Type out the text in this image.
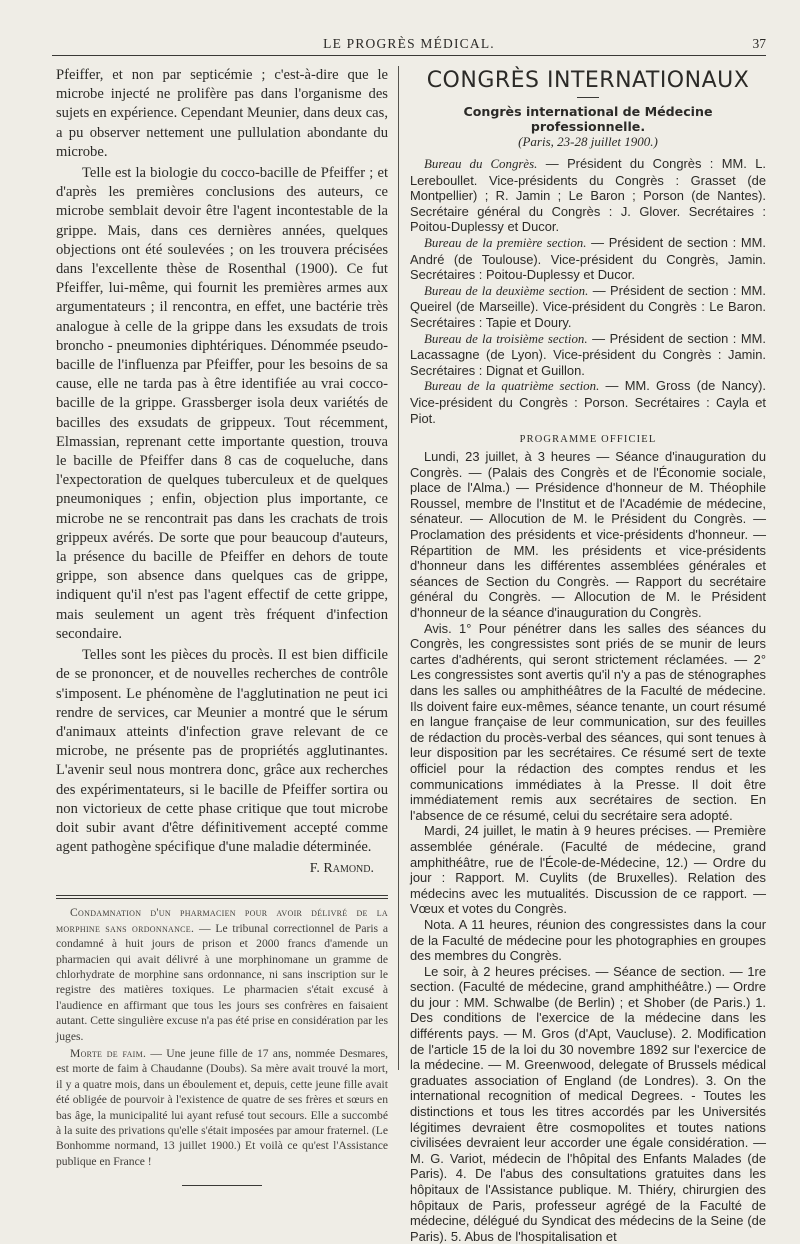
LE PROGRÈS MÉDICAL.	37

Pfeiffer, et non par septicémie ; c'est-à-dire que le microbe injecté ne prolifère pas dans l'organisme des sujets en expérience. Cependant Meunier, dans deux cas, a pu observer nettement une pullulation abondante du microbe.

Telle est la biologie du cocco-bacille de Pfeiffer ; et d'après les premières conclusions des auteurs, ce microbe semblait devoir être l'agent incontestable de la grippe. Mais, dans ces dernières années, quelques objections ont été soulevées ; on les trouvera précisées dans l'excellente thèse de Rosenthal (1900). Ce fut Pfeiffer, lui-même, qui fournit les premières armes aux argumentateurs ; il rencontra, en effet, une bactérie très analogue à celle de la grippe dans les exsudats de trois broncho - pneumonies diphtériques. Dénommée pseudo-bacille de l'influenza par Pfeiffer, pour les besoins de sa cause, elle ne tarda pas à être identifiée au vrai cocco-bacille de la grippe. Grassberger isola deux variétés de bacilles des exsudats de grippeux. Tout récemment, Elmassian, reprenant cette importante question, trouva le bacille de Pfeiffer dans 8 cas de coqueluche, dans l'expectoration de quelques tuberculeux et de quelques pneumoniques ; enfin, objection plus importante, ce microbe ne se rencontrait pas dans les crachats de trois grippeux avérés. De sorte que pour beaucoup d'auteurs, la présence du bacille de Pfeiffer en dehors de toute grippe, son absence dans quelques cas de grippe, indiquent qu'il n'est pas l'agent effectif de cette grippe, mais seulement un agent très fréquent d'infection secondaire.

Telles sont les pièces du procès. Il est bien difficile de se prononcer, et de nouvelles recherches de contrôle s'imposent. Le phénomène de l'agglutination ne peut ici rendre de services, car Meunier a montré que le sérum d'animaux atteints d'infection grave relevant de ce microbe, ne présente pas de propriétés agglutinantes. L'avenir seul nous montrera donc, grâce aux recherches des expérimentateurs, si le bacille de Pfeiffer sortira ou non victorieux de cette phase critique que tout microbe doit subir avant d'être définitivement accepté comme agent pathogène spécifique d'une maladie déterminée.

F. Ramond.

Condamnation d'un pharmacien pour avoir délivré de la morphine sans ordonnance. — Le tribunal correctionnel de Paris a condamné à huit jours de prison et 2000 francs d'amende un pharmacien qui avait délivré à une morphinomane un gramme de chlorhydrate de morphine sans ordonnance, ni sans inscription sur le registre des matières toxiques. Le pharmacien s'était excusé à l'audience en affirmant que tous les jours ses confrères en faisaient autant. Cette singulière excuse n'a pas été prise en considération par les juges.

Morte de faim. — Une jeune fille de 17 ans, nommée Desmares, est morte de faim à Chaudanne (Doubs). Sa mère avait trouvé la mort, il y a quatre mois, dans un éboulement et, depuis, cette jeune fille avait été obligée de pourvoir à l'existence de quatre de ses frères et sœurs en bas âge, la municipalité lui ayant refusé tout secours. Elle a succombé à la suite des privations qu'elle s'était imposées par amour fraternel. (Le Bonhomme normand, 13 juillet 1900.) Et voilà ce qu'est l'Assistance publique en France !

CONGRÈS INTERNATIONAUX
Congrès international de Médecine professionnelle.
(Paris, 23-28 juillet 1900.)

Bureau du Congrès. — Président du Congrès : MM. L. Lereboullet. Vice-présidents du Congrès : Grasset (de Montpellier) ; R. Jamin ; Le Baron ; Porson (de Nantes). Secrétaire général du Congrès : J. Glover. Secrétaires : Poitou-Duplessy et Ducor.

Bureau de la première section. — Président de section : MM. André (de Toulouse). Vice-président du Congrès, Jamin. Secrétaires : Poitou-Duplessy et Ducor.

Bureau de la deuxième section. — Président de section : MM. Queirel (de Marseille). Vice-président du Congrès : Le Baron. Secrétaires : Tapie et Doury.

Bureau de la troisième section. — Président de section : MM. Lacassagne (de Lyon). Vice-président du Congrès : Jamin. Secrétaires : Dignat et Guillon.

Bureau de la quatrième section. — MM. Gross (de Nancy). Vice-président du Congrès : Porson. Secrétaires : Cayla et Piot.

PROGRAMME OFFICIEL

Lundi, 23 juillet, à 3 heures — Séance d'inauguration du Congrès. — (Palais des Congrès et de l'Économie sociale, place de l'Alma.) — Présidence d'honneur de M. Théophile Roussel, membre de l'Institut et de l'Académie de médecine, sénateur. — Allocution de M. le Président du Congrès. — Proclamation des présidents et vice-présidents d'honneur. — Répartition de MM. les présidents et vice-présidents d'honneur dans les différentes assemblées générales et séances de Section du Congrès. — Rapport du secrétaire général du Congrès. — Allocution de M. le Président d'honneur de la séance d'inauguration du Congrès.

Avis. 1° Pour pénétrer dans les salles des séances du Congrès, les congressistes sont priés de se munir de leurs cartes d'adhérents, qui seront strictement réclamées. — 2° Les congressistes sont avertis qu'il n'y a pas de sténographes dans les salles ou amphithéâtres de la Faculté de médecine. Ils doivent faire eux-mêmes, séance tenante, un court résumé en langue française de leur communication, sur des feuilles de rédaction du procès-verbal des séances, qui sont tenues à leur disposition par les secrétaires. Ce résumé sert de texte officiel pour la rédaction des comptes rendus et les communications immédiates à la Presse. Il doit être immédiatement remis aux secrétaires de section. En l'absence de ce résumé, celui du secrétaire sera adopté.

Mardi, 24 juillet, le matin à 9 heures précises. — Première assemblée générale. (Faculté de médecine, grand amphithéâtre, rue de l'École-de-Médecine, 12.) — Ordre du jour : Rapport. M. Cuylits (de Bruxelles). Relation des médecins avec les mutualités. Discussion de ce rapport. — Vœux et votes du Congrès.

Nota. A 11 heures, réunion des congressistes dans la cour de la Faculté de médecine pour les photographies en groupes des membres du Congrès.

Le soir, à 2 heures précises. — Séance de section. — 1re section. (Faculté de médecine, grand amphithéâtre.) — Ordre du jour : MM. Schwalbe (de Berlin) ; et Shober (de Paris.) 1. Des conditions de l'exercice de la médecine dans les différents pays. — M. Gros (d'Apt, Vaucluse). 2. Modification de l'article 15 de la loi du 30 novembre 1892 sur l'exercice de la médecine. — M. Greenwood, delegate of Brussels médical graduates association of England (de Londres). 3. On the international recognition of medical Degrees. - Toutes les distinctions et tous les titres accordés par les Universités légitimes devraient être cosmopolites et toutes nations civilisées devraient leur accorder une égale considération. — M. G. Variot, médecin de l'hôpital des Enfants Malades (de Paris). 4. De l'abus des consultations gratuites dans les hôpitaux de l'Assistance publique. M. Thiéry, chirurgien des hôpitaux de Paris, professeur agrégé de la Faculté de médecine, délégué du Syndicat des médecins de la Seine (de Paris). 5. Abus de l'hospitalisation et
